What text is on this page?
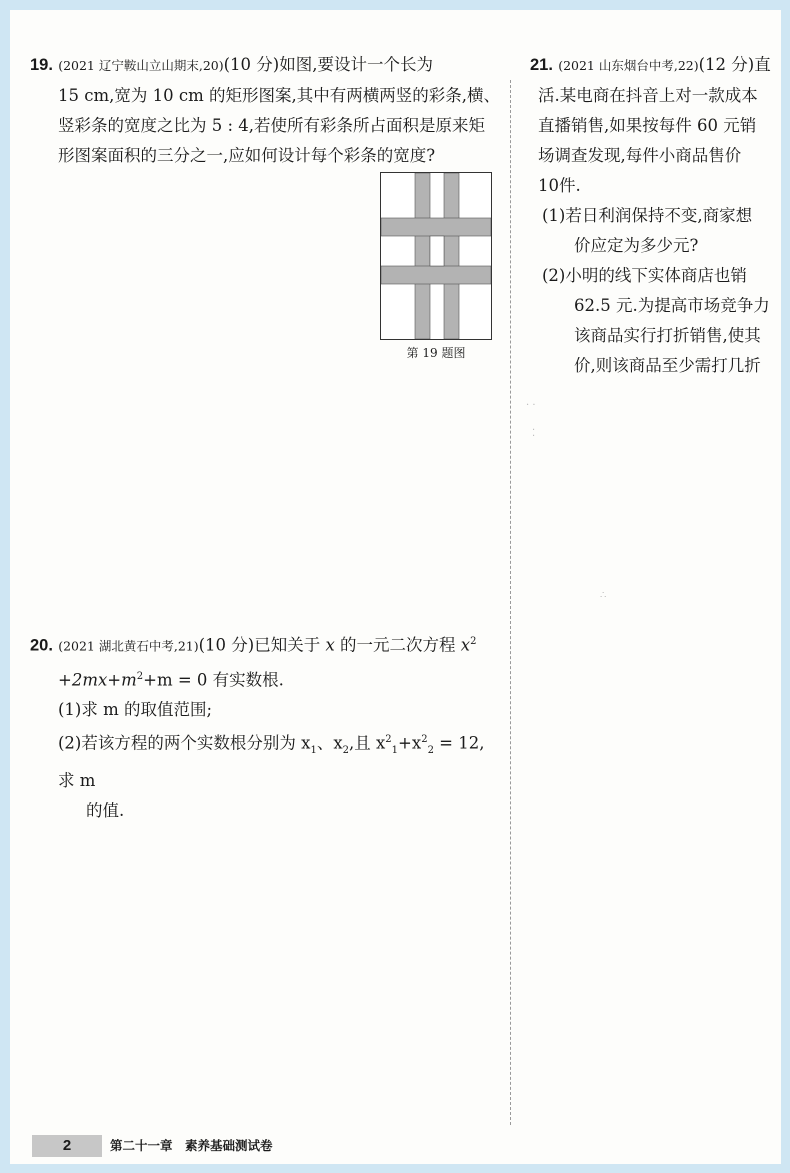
19. (2021 辽宁鞍山立山期末,20)(10 分)如图,要设计一个长为
15 cm,宽为 10 cm 的矩形图案,其中有两横两竖的彩条,横、
竖彩条的宽度之比为 5 : 4,若使所有彩条所占面积是原来矩
形图案面积的三分之一,应如何设计每个彩条的宽度?
第 19 题图
20. (2021 湖北黄石中考,21)(10 分)已知关于 x 的一元二次方程 $x^2$
$+2mx+m^2+m = 0$ 有实数根.
(1)求 m 的取值范围;
(2)若该方程的两个实数根分别为 $x_1$、$x_2$,且 $x^2_1+x^2_2 = 12$,求 m
的值.
21. (2021 山东烟台中考,22)(12 分)直
活.某电商在抖音上对一款成本
直播销售,如果按每件 60 元销
场调查发现,每件小商品售价
10件.
(1)若日利润保持不变,商家想
价应定为多少元?
(2)小明的线下实体商店也销
62.5 元.为提高市场竞争力
该商品实行打折销售,使其
价,则该商品至少需打几折
· ·
⁚
∴
2	第二十一章　素养基础测试卷
